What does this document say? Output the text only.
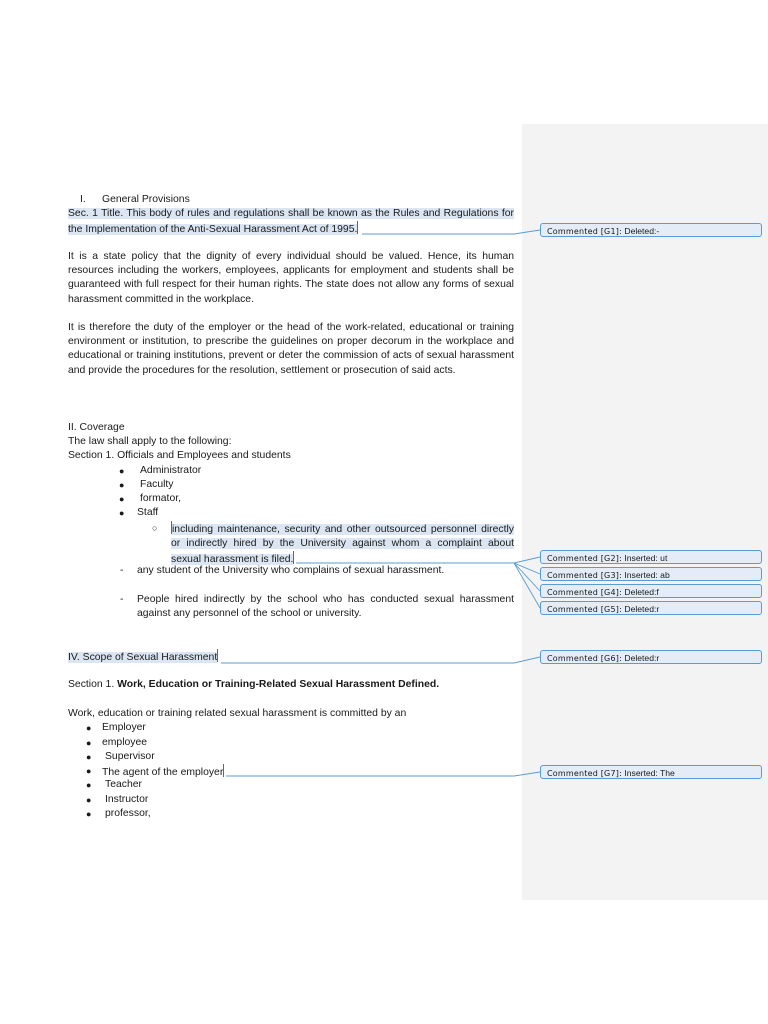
I. General Provisions

Sec. 1 Title. This body of rules and regulations shall be known as the Rules and Regulations for the Implementation of the Anti-Sexual Harassment Act of 1995.

It is a state policy that the dignity of every individual should be valued. Hence, its human resources including the workers, employees, applicants for employment and students shall be guaranteed with full respect for their human rights. The state does not allow any forms of sexual harassment committed in the workplace.

It is therefore the duty of the employer or the head of the work-related, educational or training environment or institution, to prescribe the guidelines on proper decorum in the workplace and educational or training institutions, prevent or deter the commission of acts of sexual harassment and provide the procedures for the resolution, settlement or prosecution of said acts.

II. Coverage
The law shall apply to the following:
Section 1. Officials and Employees and students
● Administrator
● Faculty
● formator,
● Staff
○ including maintenance, security and other outsourced personnel directly or indirectly hired by the University against whom a complaint about sexual harassment is filed.

- any student of the University who complains of sexual harassment.

- People hired indirectly by the school who has conducted sexual harassment against any personnel of the school or university.

IV. Scope of Sexual Harassment
Section 1. Work, Education or Training-Related Sexual Harassment Defined.
Work, education or training related sexual harassment is committed by an
● Employer
● employee
● Supervisor
● The agent of the employer
● Teacher
● Instructor
● professor,
Commented [G1]: Deleted:-
Commented [G2]: Inserted: ut
Commented [G3]: Inserted: ab
Commented [G4]: Deleted:f
Commented [G5]: Deleted:r
Commented [G6]: Deleted:r
Commented [G7]: Inserted: The
